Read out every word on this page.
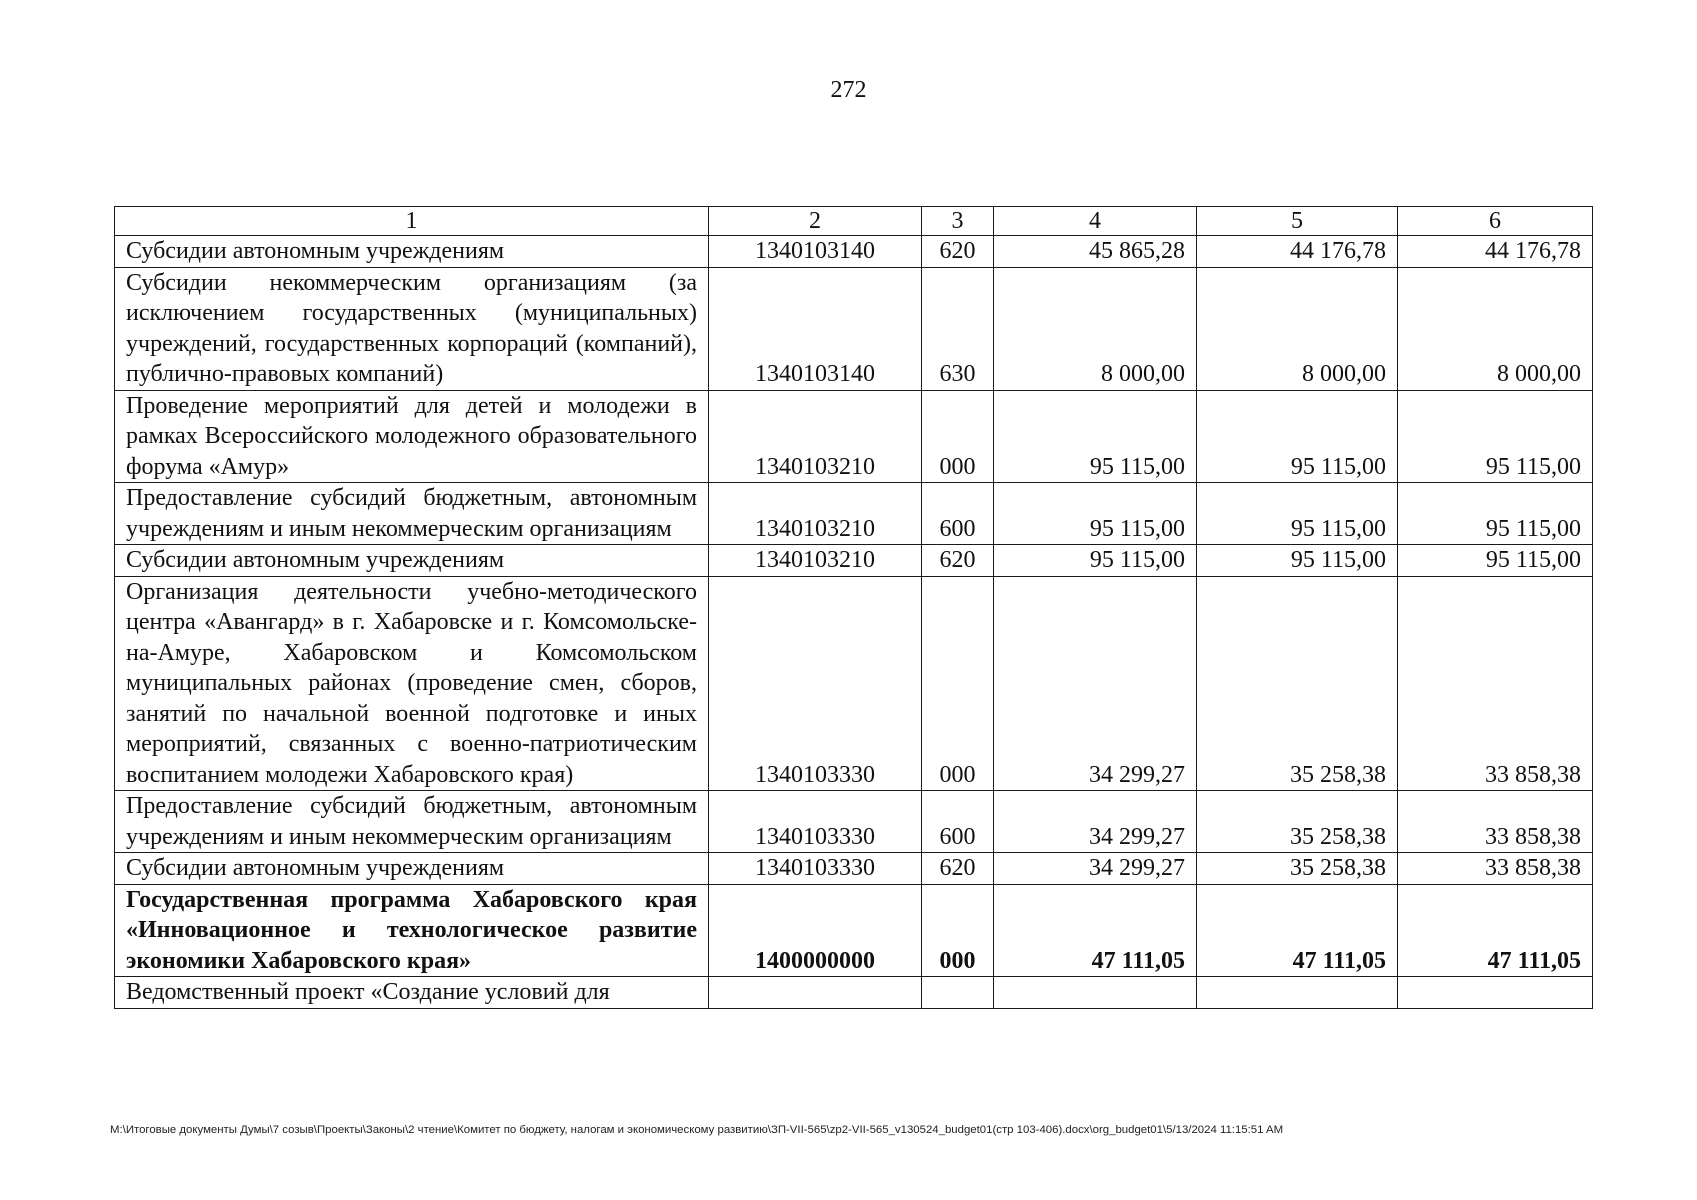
272
1	2	3	4	5	6
Субсидии автономным учреждениям	1340103140	620	45 865,28	44 176,78	44 176,78
Субсидии некоммерческим организациям (за исключением государственных (муниципальных) учреждений, государственных корпораций (компаний), публично-правовых компаний)	1340103140	630	8 000,00	8 000,00	8 000,00
Проведение мероприятий для детей и молодежи в рамках Всероссийского молодежного образовательного форума «Амур»	1340103210	000	95 115,00	95 115,00	95 115,00
Предоставление субсидий бюджетным, автономным учреждениям и иным некоммерческим организациям	1340103210	600	95 115,00	95 115,00	95 115,00
Субсидии автономным учреждениям	1340103210	620	95 115,00	95 115,00	95 115,00
Организация деятельности учебно-методического центра «Авангард» в г. Хабаровске и г. Комсомольске-на-Амуре, Хабаровском и Комсомольском муниципальных районах (проведение смен, сборов, занятий по начальной военной подготовке и иных мероприятий, связанных с военно-патриотическим воспитанием молодежи Хабаровского края)	1340103330	000	34 299,27	35 258,38	33 858,38
Предоставление субсидий бюджетным, автономным учреждениям и иным некоммерческим организациям	1340103330	600	34 299,27	35 258,38	33 858,38
Субсидии автономным учреждениям	1340103330	620	34 299,27	35 258,38	33 858,38
Государственная программа Хабаровского края «Инновационное и технологическое развитие экономики Хабаровского края»	1400000000	000	47 111,05	47 111,05	47 111,05
Ведомственный проект «Создание условий для					
M:\Итоговые документы Думы\7 созыв\Проекты\Законы\2 чтение\Комитет по бюджету, налогам и экономическому развитию\ЗП-VII-565\zp2-VII-565_v130524_budget01(стр 103-406).docx\org_budget01\5/13/2024 11:15:51 AM
